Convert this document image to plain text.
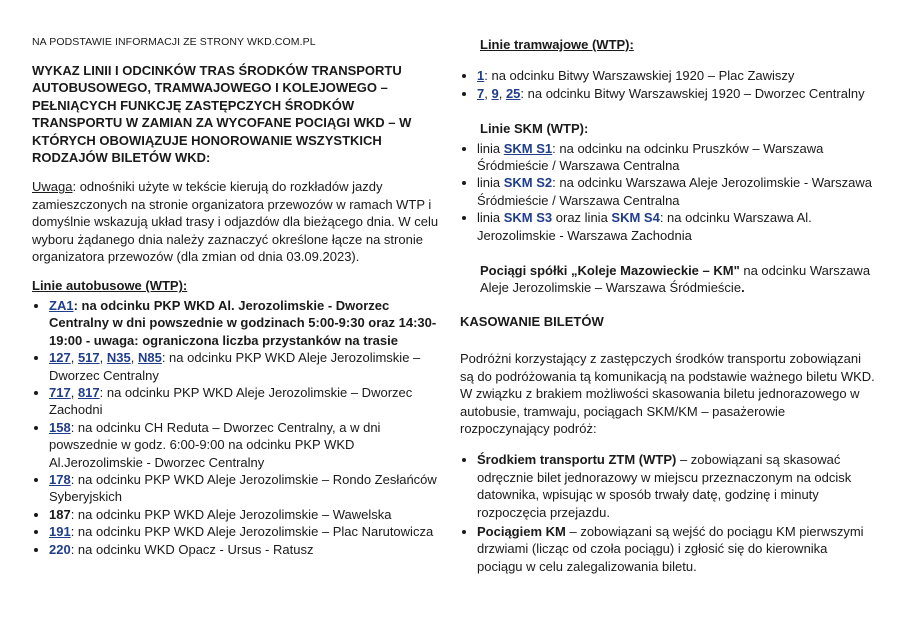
NA PODSTAWIE INFORMACJI ZE STRONY WKD.COM.PL
WYKAZ LINII I ODCINKÓW TRAS ŚRODKÓW TRANSPORTU AUTOBUSOWEGO, TRAMWAJOWEGO I KOLEJOWEGO – PEŁNIĄCYCH FUNKCJĘ ZASTĘPCZYCH ŚRODKÓW TRANSPORTU W ZAMIAN ZA WYCOFANE POCIĄGI WKD – W KTÓRYCH OBOWIĄZUJE HONOROWANIE WSZYSTKICH RODZAJÓW BILETÓW WKD:

Uwaga: odnośniki użyte w tekście kierują do rozkładów jazdy zamieszczonych na stronie organizatora przewozów w ramach WTP i domyślnie wskazują układ trasy i odjazdów dla bieżącego dnia. W celu wyboru żądanego dnia należy zaznaczyć określone łącze na stronie organizatora przewozów (dla zmian od dnia 03.09.2023).

Linie autobusowe (WTP):
• ZA1: na odcinku PKP WKD Al. Jerozolimskie - Dworzec Centralny w dni powszednie w godzinach 5:00-9:30 oraz 14:30-19:00 - uwaga: ograniczona liczba przystanków na trasie
• 127, 517, N35, N85: na odcinku PKP WKD Aleje Jerozolimskie – Dworzec Centralny
• 717, 817: na odcinku PKP WKD Aleje Jerozolimskie – Dworzec Zachodni
• 158: na odcinku CH Reduta – Dworzec Centralny, a w dni powszednie w godz. 6:00-9:00 na odcinku PKP WKD Al.Jerozolimskie - Dworzec Centralny
• 178: na odcinku PKP WKD Aleje Jerozolimskie – Rondo Zesłańców Syberyjskich
• 187: na odcinku PKP WKD Aleje Jerozolimskie – Wawelska
• 191: na odcinku PKP WKD Aleje Jerozolimskie – Plac Narutowicza
• 220: na odcinku WKD Opacz - Ursus - Ratusz
Linie tramwajowe (WTP):
• 1: na odcinku Bitwy Warszawskiej 1920 – Plac Zawiszy
• 7, 9, 25: na odcinku Bitwy Warszawskiej 1920 – Dworzec Centralny
Linie SKM (WTP):
• linia SKM S1: na odcinku na odcinku Pruszków – Warszawa Śródmieście / Warszawa Centralna
• linia SKM S2: na odcinku Warszawa Aleje Jerozolimskie - Warszawa Śródmieście / Warszawa Centralna
• linia SKM S3 oraz linia SKM S4: na odcinku Warszawa Al. Jerozolimskie - Warszawa Zachodnia

Pociągi spółki „Koleje Mazowieckie – KM" na odcinku Warszawa Aleje Jerozolimskie – Warszawa Śródmieście.

KASOWANIE BILETÓW

Podróżni korzystający z zastępczych środków transportu zobowiązani są do podróżowania tą komunikacją na podstawie ważnego biletu WKD. W związku z brakiem możliwości skasowania biletu jednorazowego w autobusie, tramwaju, pociągach SKM/KM – pasażerowie rozpoczynający podróż:

• Środkiem transportu ZTM (WTP) – zobowiązani są skasować odręcznie bilet jednorazowy w miejscu przeznaczonym na odcisk datownika, wpisując w sposób trwały datę, godzinę i minuty rozpoczęcia przejazdu.
• Pociągiem KM – zobowiązani są wejść do pociągu KM pierwszymi drzwiami (licząc od czoła pociągu) i zgłosić się do kierownika pociągu w celu zalegalizowania biletu.
